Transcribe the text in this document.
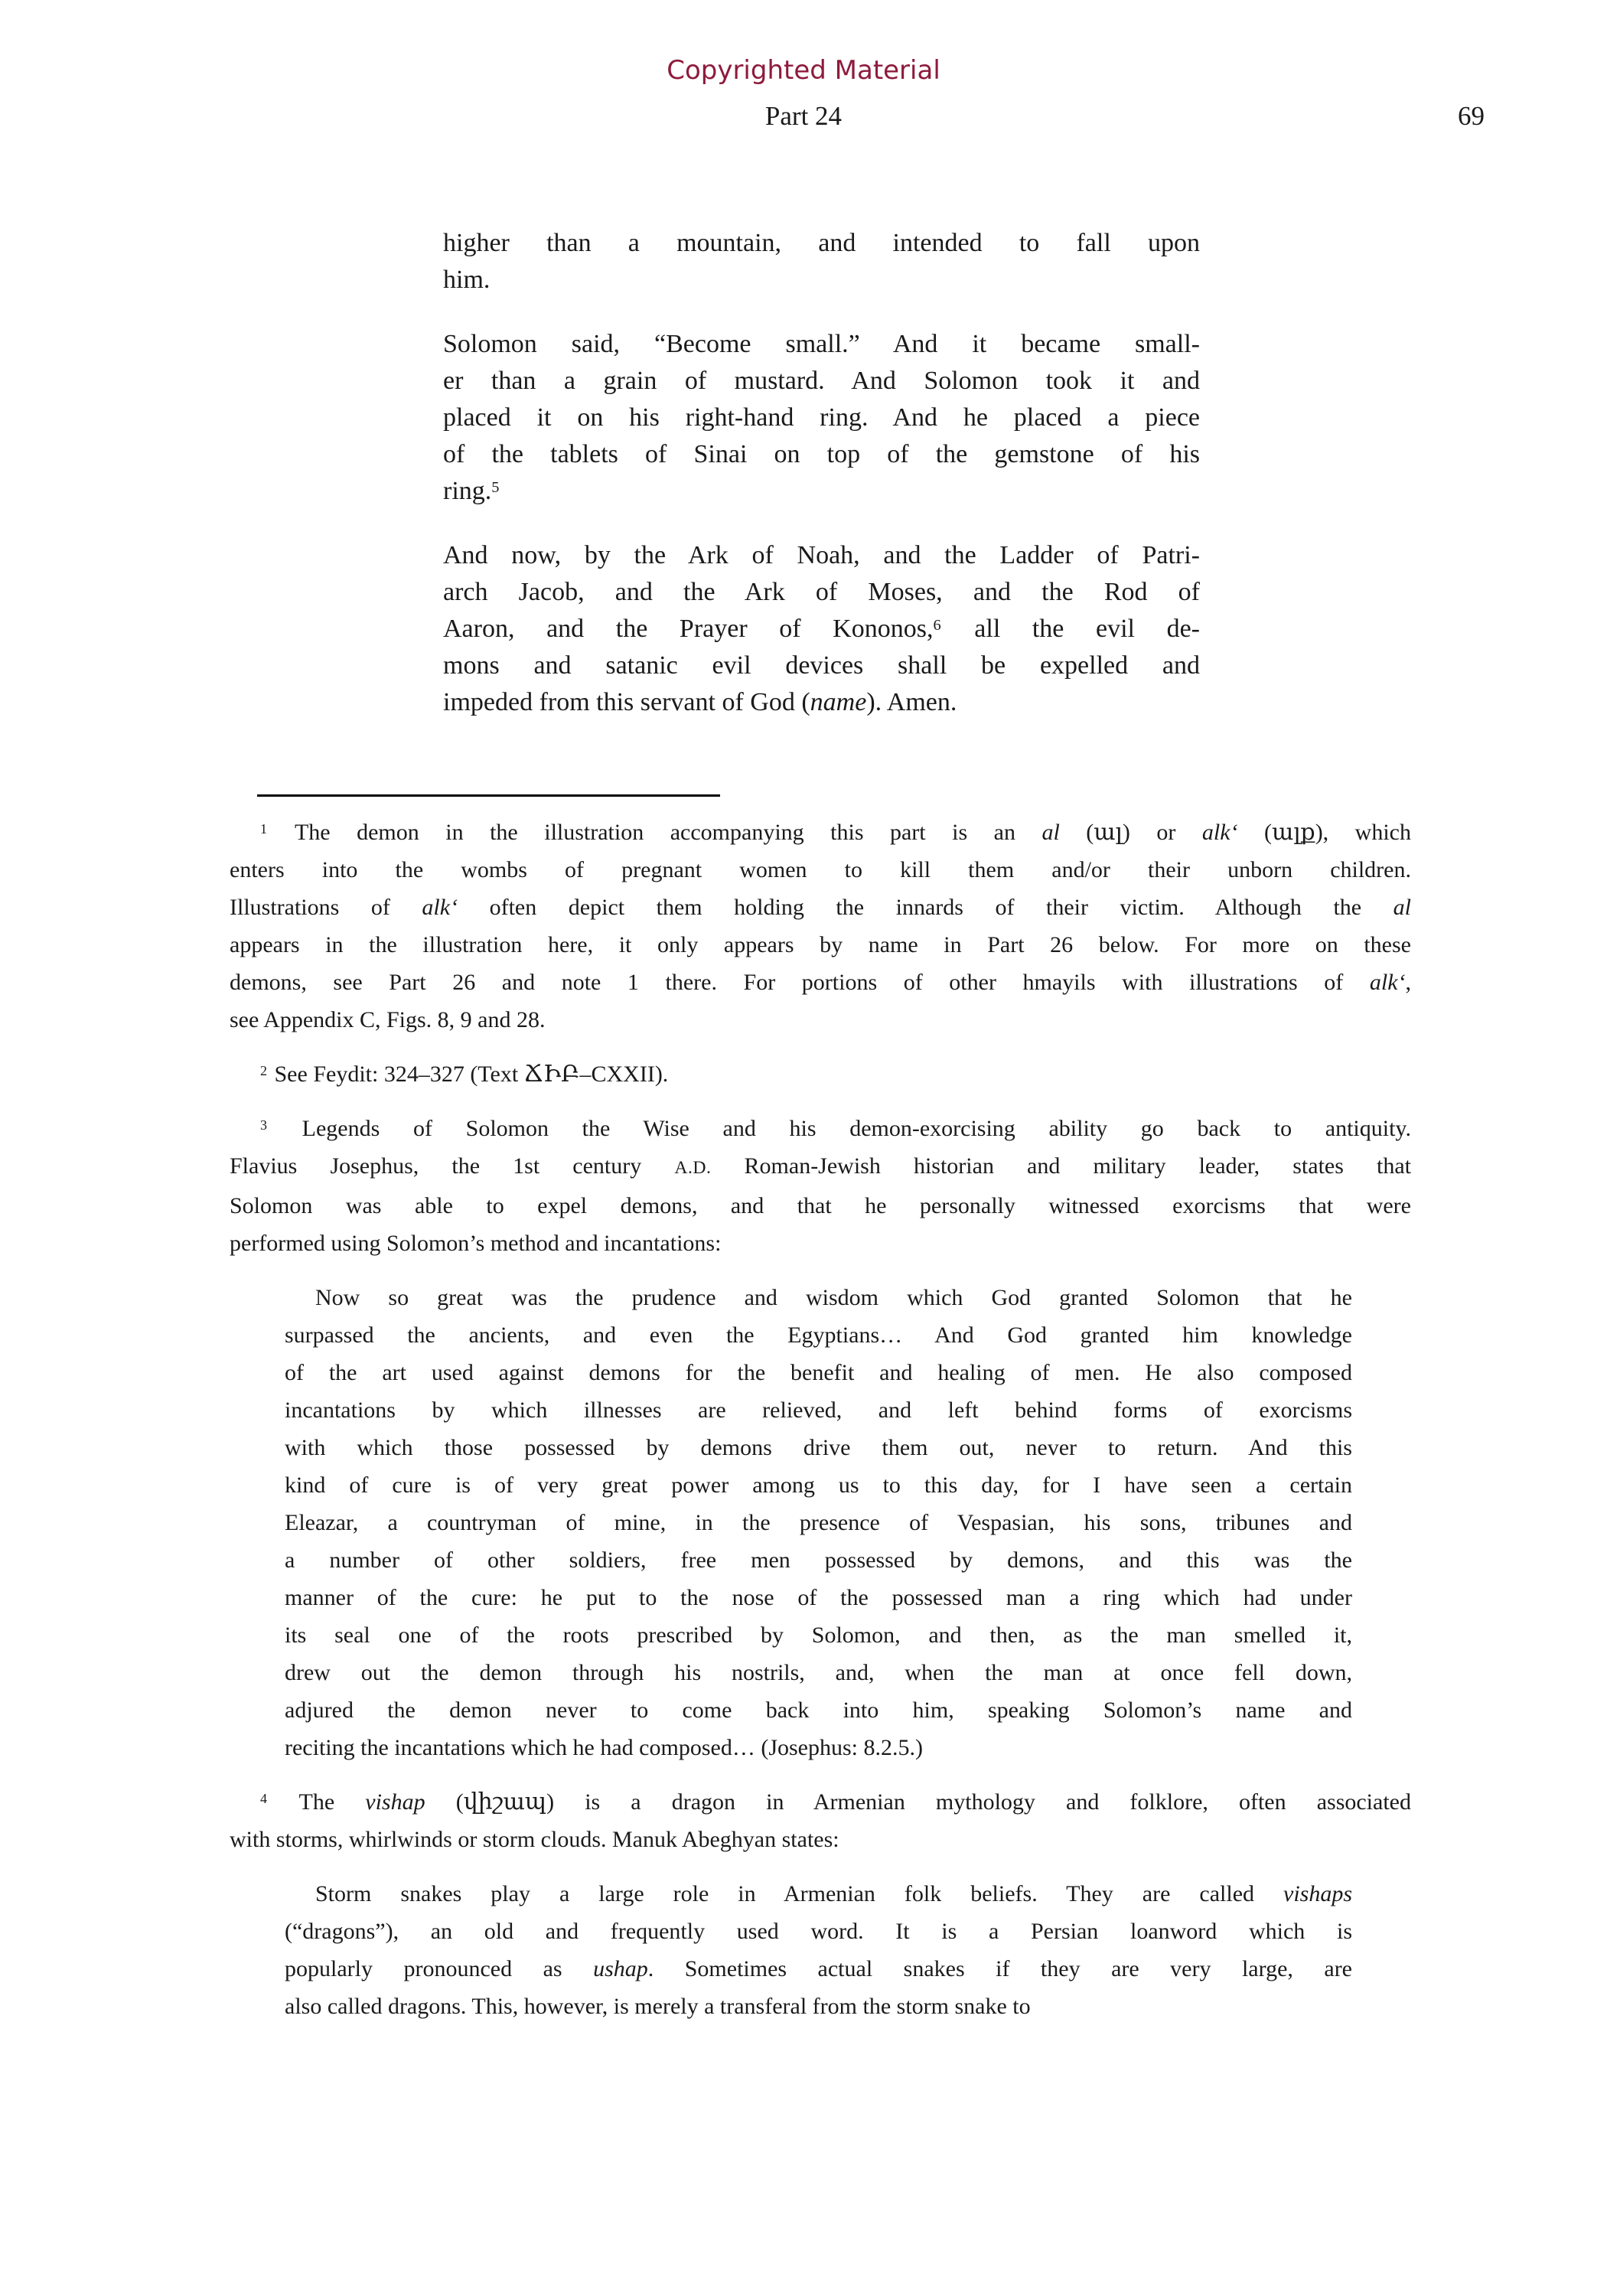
Copyrighted Material
Part 24	69
higher than a mountain, and intended to fall upon
him.
Solomon said, “Become small.” And it became small-
er than a grain of mustard. And Solomon took it and
placed it on his right-hand ring. And he placed a piece
of the tablets of Sinai on top of the gemstone of his
ring.$^5$
And now, by the Ark of Noah, and the Ladder of Patri-
arch Jacob, and the Ark of Moses, and the Rod of
Aaron, and the Prayer of Kononos,$^6$ all the evil de-
mons and satanic evil devices shall be expelled and
impeded from this servant of God (name). Amen.
$^1$ The demon in the illustration accompanying this part is an al (ալ) or alkʻ (ալք), which
enters into the wombs of pregnant women to kill them and/or their unborn children.
Illustrations of alkʻ often depict them holding the innards of their victim. Although the al
appears in the illustration here, it only appears by name in Part 26 below. For more on these
demons, see Part 26 and note 1 there. For portions of other hmayils with illustrations of alkʻ,
see Appendix C, Figs. 8, 9 and 28.
$^2$ See Feydit: 324–327 (Text ՃԻԲ–CXXII).
$^3$ Legends of Solomon the Wise and his demon-exorcising ability go back to antiquity.
Flavius Josephus, the 1st century A.D. Roman-Jewish historian and military leader, states that
Solomon was able to expel demons, and that he personally witnessed exorcisms that were
performed using Solomon’s method and incantations:
Now so great was the prudence and wisdom which God granted Solomon that he
surpassed the ancients, and even the Egyptians… And God granted him knowledge
of the art used against demons for the benefit and healing of men. He also composed
incantations by which illnesses are relieved, and left behind forms of exorcisms
with which those possessed by demons drive them out, never to return. And this
kind of cure is of very great power among us to this day, for I have seen a certain
Eleazar, a countryman of mine, in the presence of Vespasian, his sons, tribunes and
a number of other soldiers, free men possessed by demons, and this was the
manner of the cure: he put to the nose of the possessed man a ring which had under
its seal one of the roots prescribed by Solomon, and then, as the man smelled it,
drew out the demon through his nostrils, and, when the man at once fell down,
adjured the demon never to come back into him, speaking Solomon’s name and
reciting the incantations which he had composed… (Josephus: 8.2.5.)
$^4$ The vishap (վիշապ) is a dragon in Armenian mythology and folklore, often associated
with storms, whirlwinds or storm clouds. Manuk Abeghyan states:
Storm snakes play a large role in Armenian folk beliefs. They are called vishaps
(“dragons”), an old and frequently used word. It is a Persian loanword which is
popularly pronounced as ushap. Sometimes actual snakes if they are very large, are
also called dragons. This, however, is merely a transferal from the storm snake to
